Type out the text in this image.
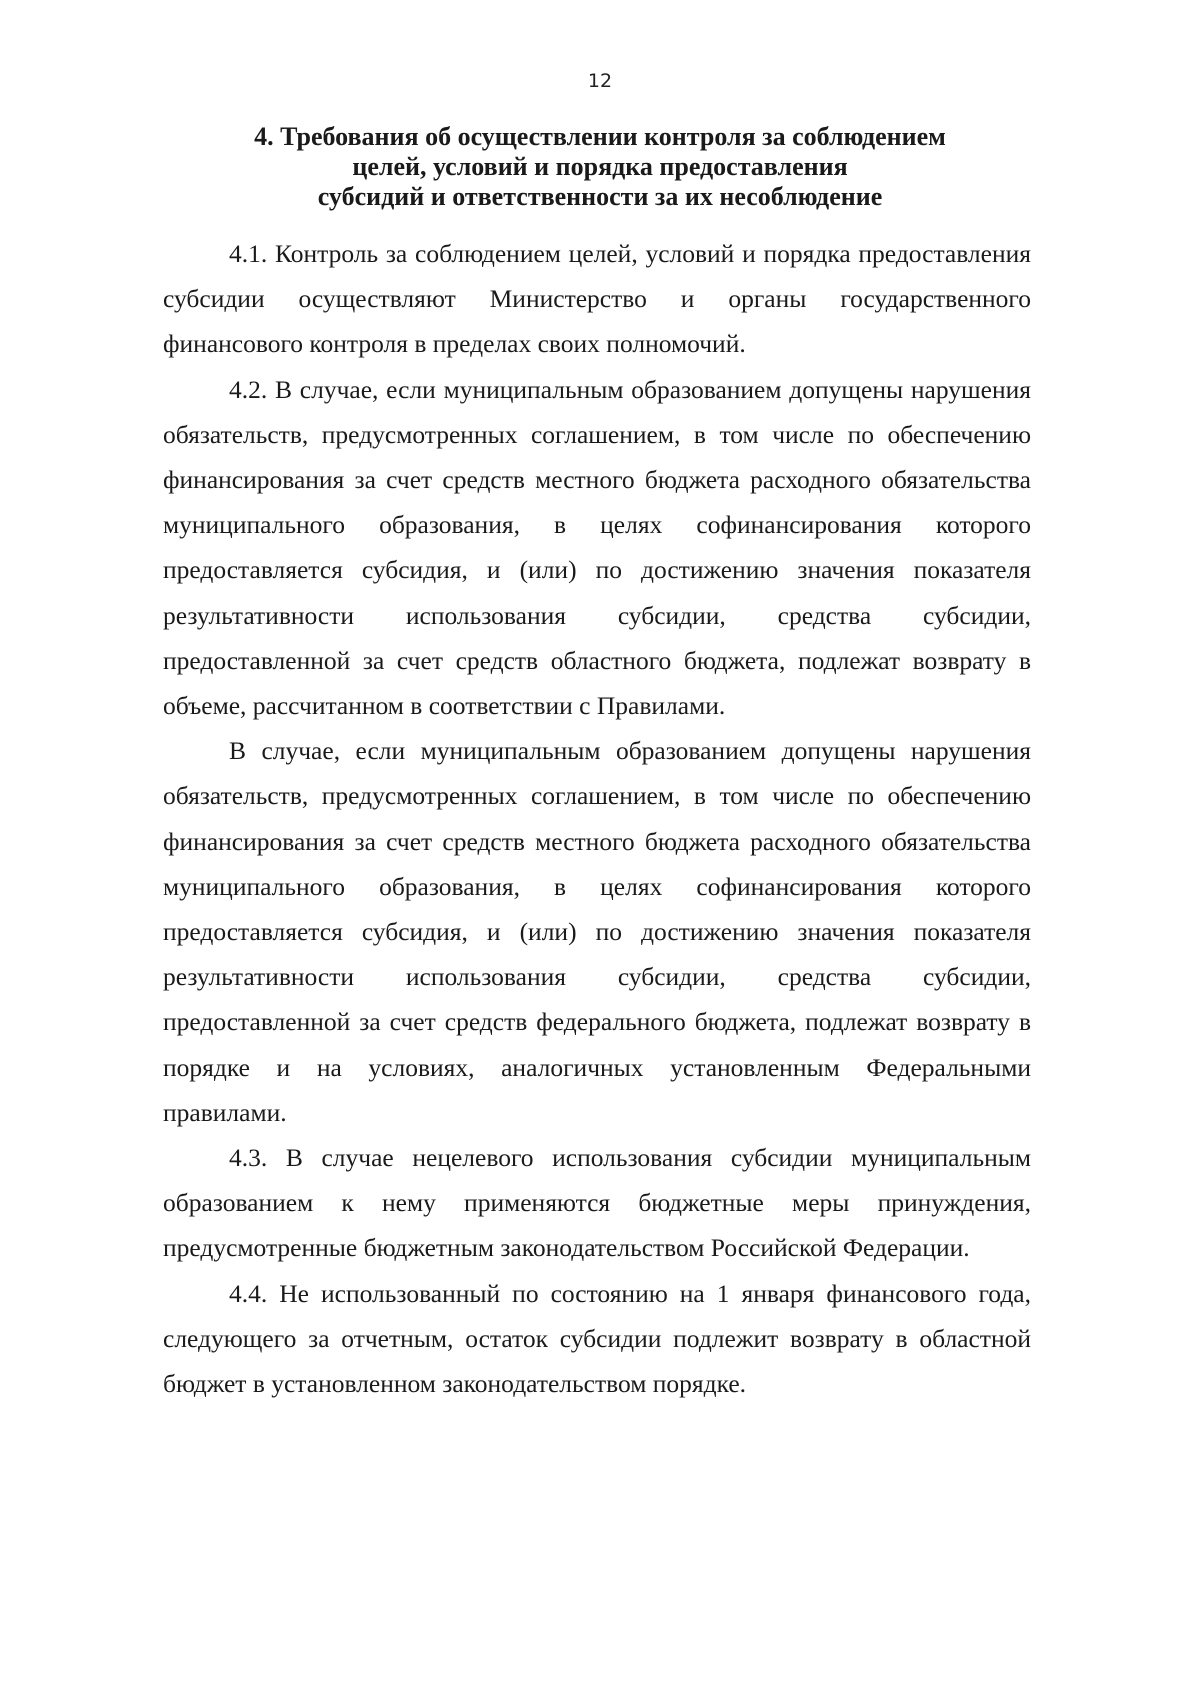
12
4. Требования об осуществлении контроля за соблюдением
целей, условий и порядка предоставления
субсидий и ответственности за их несоблюдение

4.1. Контроль за соблюдением целей, условий и порядка предоставления субсидии осуществляют Министерство и органы государственного финансового контроля в пределах своих полномочий.

4.2. В случае, если муниципальным образованием допущены нарушения обязательств, предусмотренных соглашением, в том числе по обеспечению финансирования за счет средств местного бюджета расходного обязательства муниципального образования, в целях софинансирования которого предоставляется субсидия, и (или) по достижению значения показателя результативности использования субсидии, средства субсидии, предоставленной за счет средств областного бюджета, подлежат возврату в объеме, рассчитанном в соответствии с Правилами.

В случае, если муниципальным образованием допущены нарушения обязательств, предусмотренных соглашением, в том числе по обеспечению финансирования за счет средств местного бюджета расходного обязательства муниципального образования, в целях софинансирования которого предоставляется субсидия, и (или) по достижению значения показателя результативности использования субсидии, средства субсидии, предоставленной за счет средств федерального бюджета, подлежат возврату в порядке и на условиях, аналогичных установленным Федеральными правилами.

4.3. В случае нецелевого использования субсидии муниципальным образованием к нему применяются бюджетные меры принуждения, предусмотренные бюджетным законодательством Российской Федерации.

4.4. Не использованный по состоянию на 1 января финансового года, следующего за отчетным, остаток субсидии подлежит возврату в областной бюджет в установленном законодательством порядке.
